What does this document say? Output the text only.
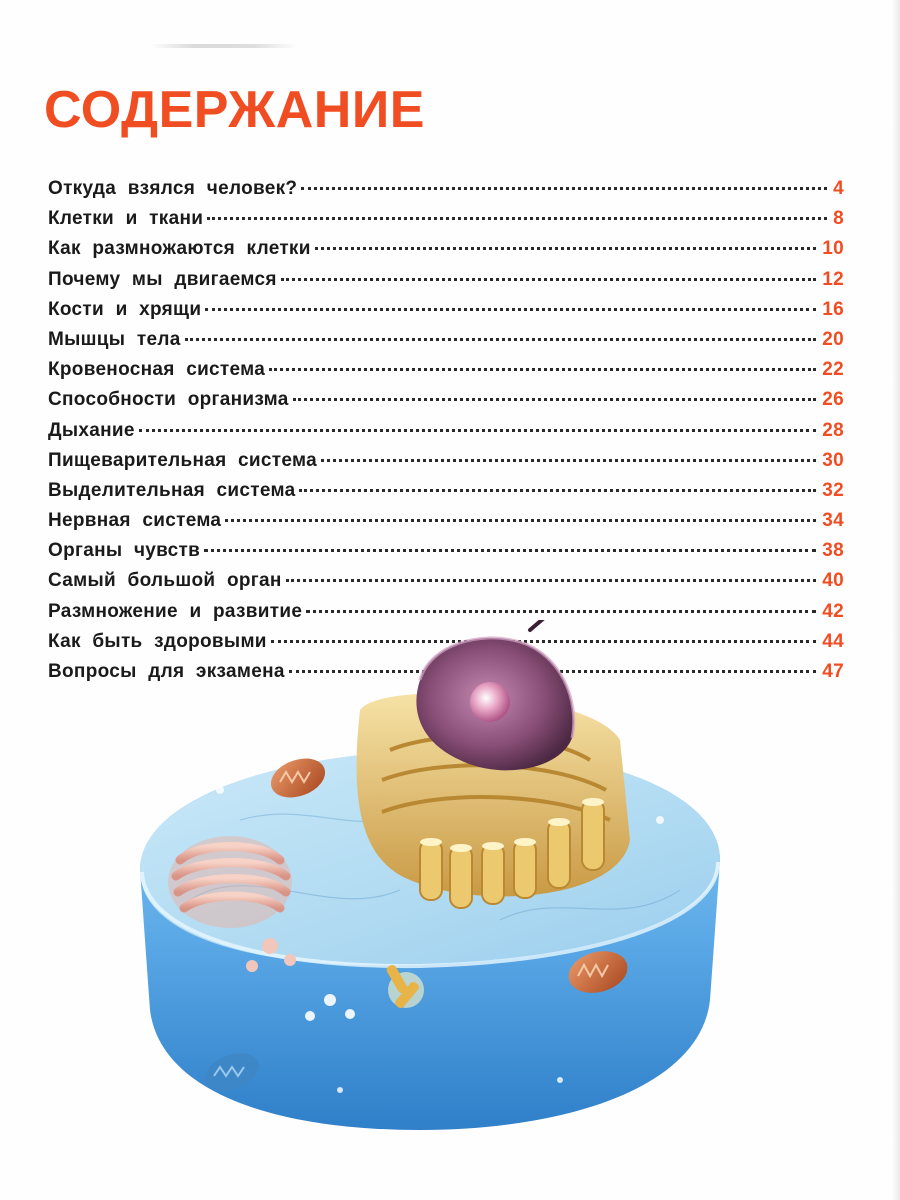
СОДЕРЖАНИЕ
Откуда взялся человек?	4
Клетки и ткани	8
Как размножаются клетки	10
Почему мы двигаемся	12
Кости и хрящи	16
Мышцы тела	20
Кровеносная система	22
Способности организма	26
Дыхание	28
Пищеварительная система	30
Выделительная система	32
Нервная система	34
Органы чувств	38
Самый большой орган	40
Размножение и развитие	42
Как быть здоровыми	44
Вопросы для экзамена	47
